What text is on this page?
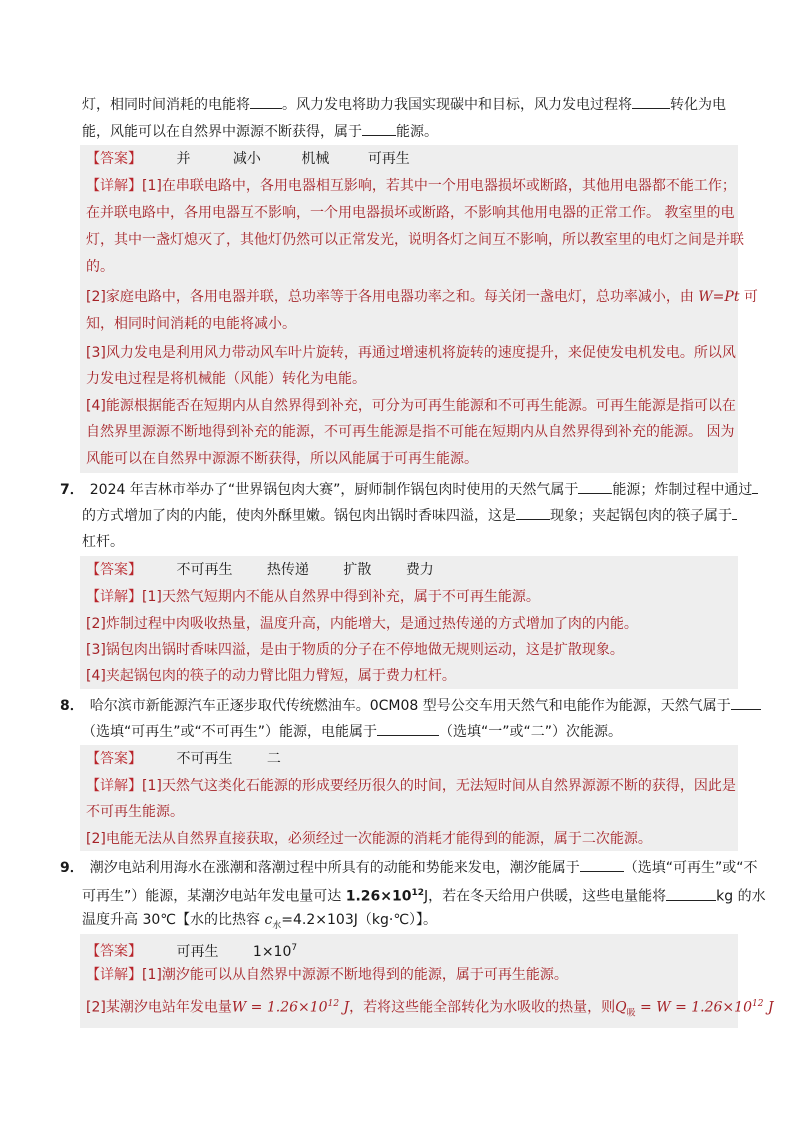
灯，相同时间消耗的电能将 。风力发电将助力我国实现碳中和目标，风力发电过程将	转化为电
能，风能可以在自然界中源源不断获得，属于 能源。
【答案】 并	减小	机械	可再生
【详解】[1]在串联电路中，各用电器相互影响，若其中一个用电器损坏或断路，其他用电器都不能工作；
在并联电路中，各用电器互不影响，一个用电器损坏或断路，不影响其他用电器的正常工作。 教室里的电
灯，其中一盏灯熄灭了，其他灯仍然可以正常发光，说明各灯之间互不影响，所以教室里的电灯之间是并联
的。
[2]家庭电路中，各用电器并联，总功率等于各用电器功率之和。每关闭一盏电灯，总功率减小，由 W=Pt 可
知，相同时间消耗的电能将减小。
[3]风力发电是利用风力带动风车叶片旋转，再通过增速机将旋转的速度提升，来促使发电机发电。所以风
力发电过程是将机械能（风能）转化为电能。
[4]能源根据能否在短期内从自然界得到补充，可分为可再生能源和不可再生能源。可再生能源是指可以在
自然界里源源不断地得到补充的能源，不可再生能源是指不可能在短期内从自然界得到补充的能源。 因为
风能可以在自然界中源源不断获得，所以风能属于可再生能源。
7． 2024 年吉林市举办了“世界锅包肉大赛”，厨师制作锅包肉时使用的天然气属于 能源；炸制过程中通过
的方式增加了肉的内能，使肉外酥里嫩。锅包肉出锅时香味四溢，这是 现象；夹起锅包肉的筷子属于
杠杆。
【答案】 不可再生 热传递 扩散 费力
【详解】[1]天然气短期内不能从自然界中得到补充，属于不可再生能源。
[2]炸制过程中肉吸收热量，温度升高，内能增大，是通过热传递的方式增加了肉的内能。
[3]锅包肉出锅时香味四溢，是由于物质的分子在不停地做无规则运动，这是扩散现象。
[4]夹起锅包肉的筷子的动力臂比阻力臂短，属于费力杠杆。
8． 哈尔滨市新能源汽车正逐步取代传统燃油车。0CM08 型号公交车用天然气和电能作为能源，天然气属于
（选填“可再生”或“不可再生”）能源，电能属于	（选填“一”或“二”）次能源。
【答案】 不可再生 二
【详解】[1]天然气这类化石能源的形成要经历很久的时间，无法短时间从自然界源源不断的获得，因此是
不可再生能源。
[2]电能无法从自然界直接获取，必须经过一次能源的消耗才能得到的能源，属于二次能源。
9． 潮汐电站利用海水在涨潮和落潮过程中所具有的动能和势能来发电，潮汐能属于	（选填“可再生”或“不
可再生”）能源，某潮汐电站年发电量可达 $1.26\times 10^{12}J$，若在冬天给用户供暖，这些电量能将	kg 的水
温度升高 30℃【水的比热容 $c_水=4.2\times 103J(kg\cdot℃)$】。
【答案】 可再生 $1\times 10^7$
【详解】[1]潮汐能可以从自然界中源源不断地得到的能源，属于可再生能源。
[2]某潮汐电站年发电量$W = 1.26\times 10^{12}$ J，若将这些能全部转化为水吸收的热量，则$Q_吸 = W = 1.26\times 10^{12}$ J
